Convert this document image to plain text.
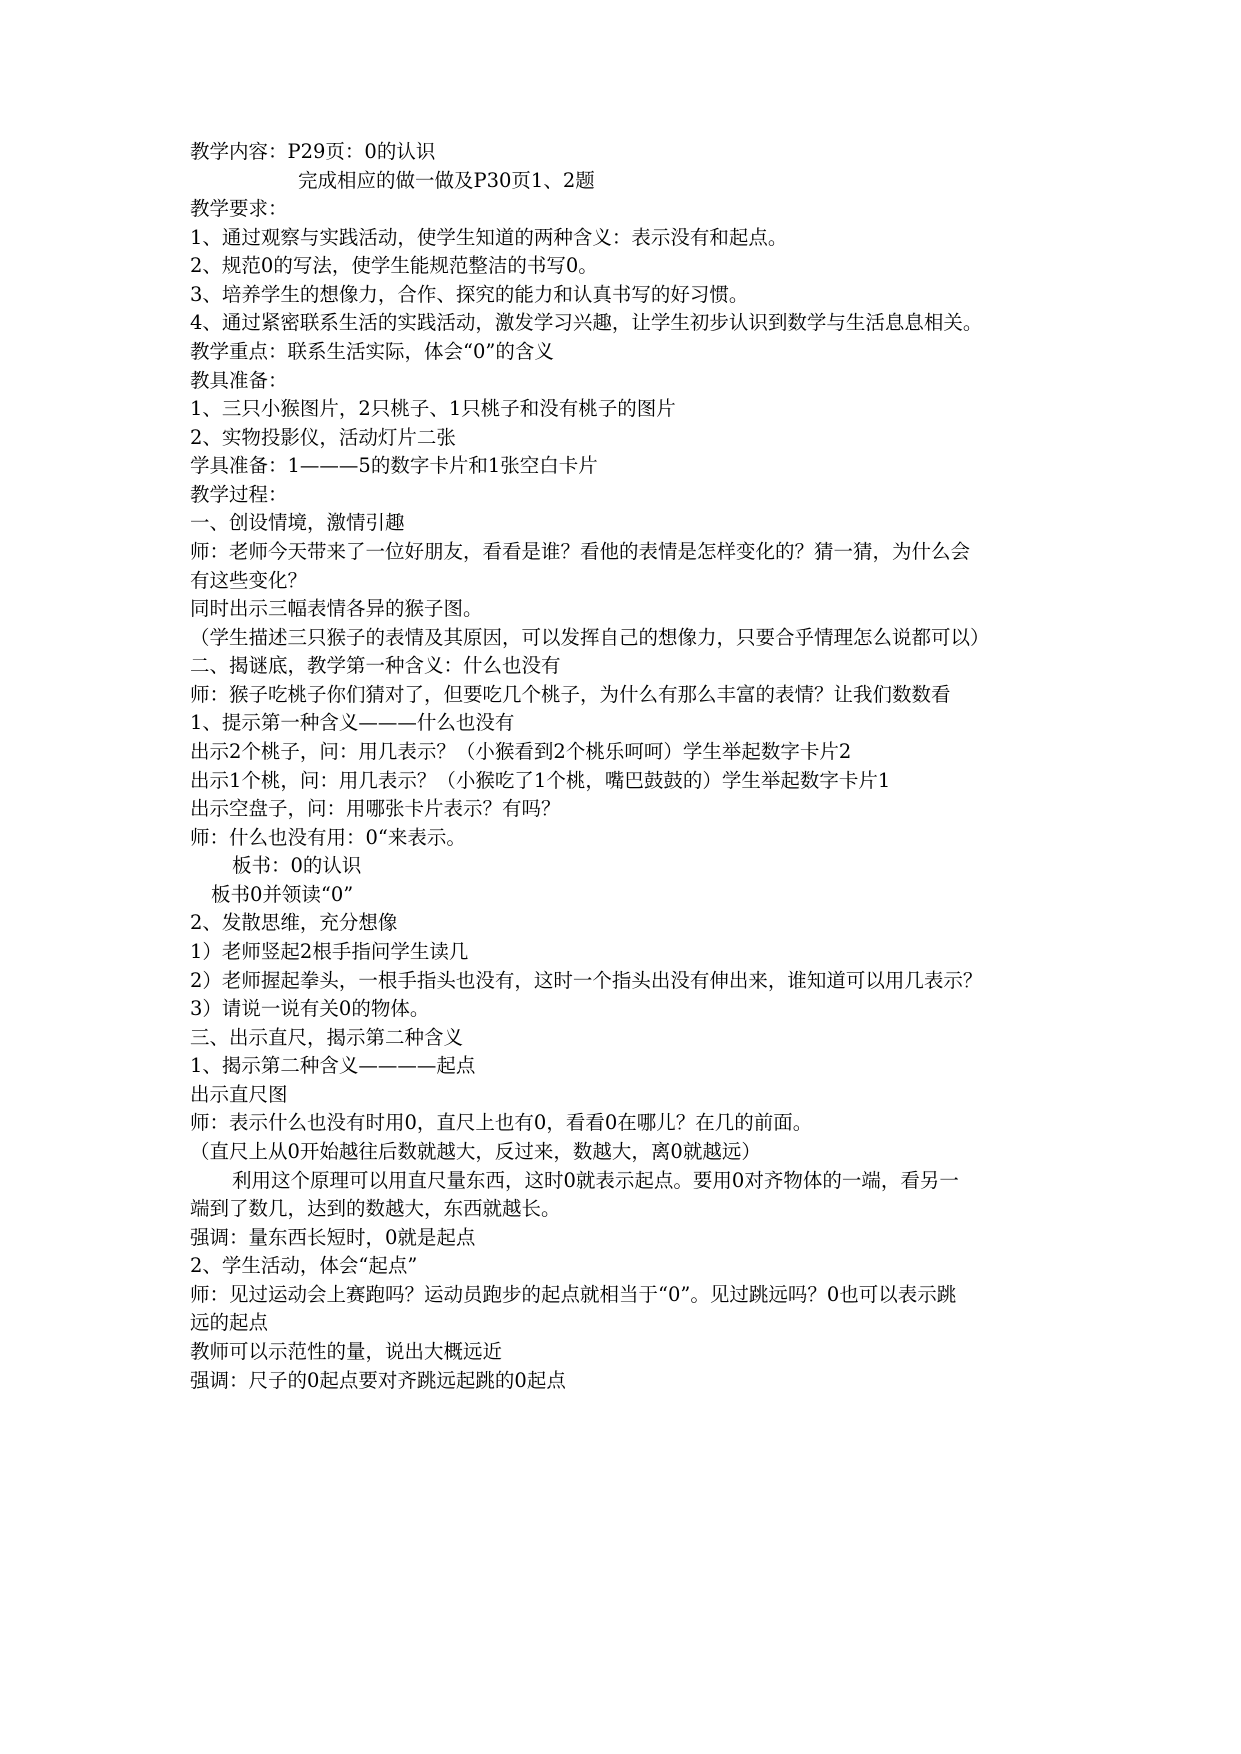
教学内容：P29页：0的认识
完成相应的做一做及P30页1、2题
教学要求：
1、通过观察与实践活动，使学生知道的两种含义：表示没有和起点。
2、规范0的写法，使学生能规范整洁的书写0。
3、培养学生的想像力，合作、探究的能力和认真书写的好习惯。
4、通过紧密联系生活的实践活动，激发学习兴趣，让学生初步认识到数学与生活息息相关。
教学重点：联系生活实际，体会“0”的含义
教具准备：
1、三只小猴图片，2只桃子、1只桃子和没有桃子的图片
2、实物投影仪，活动灯片二张
学具准备：1———5的数字卡片和1张空白卡片
教学过程：
一、创设情境，激情引趣
师：老师今天带来了一位好朋友，看看是谁？看他的表情是怎样变化的？猜一猜，为什么会
有这些变化？
同时出示三幅表情各异的猴子图。
（学生描述三只猴子的表情及其原因，可以发挥自己的想像力，只要合乎情理怎么说都可以）
二、揭谜底，教学第一种含义：什么也没有
师：猴子吃桃子你们猜对了，但要吃几个桃子，为什么有那么丰富的表情？让我们数数看
1、提示第一种含义———什么也没有
出示2个桃子，问：用几表示？（小猴看到2个桃乐呵呵）学生举起数字卡片2
出示1个桃，问：用几表示？（小猴吃了1个桃，嘴巴鼓鼓的）学生举起数字卡片1
出示空盘子，问：用哪张卡片表示？有吗？
师：什么也没有用：0“来表示。
板书：0的认识
板书0并领读“0”
2、发散思维，充分想像
1）老师竖起2根手指问学生读几
2）老师握起拳头，一根手指头也没有，这时一个指头出没有伸出来，谁知道可以用几表示？
3）请说一说有关0的物体。
三、出示直尺，揭示第二种含义
1、揭示第二种含义————起点
出示直尺图
师：表示什么也没有时用0，直尺上也有0，看看0在哪儿？在几的前面。
（直尺上从0开始越往后数就越大，反过来，数越大，离0就越远）
利用这个原理可以用直尺量东西，这时0就表示起点。要用0对齐物体的一端，看另一
端到了数几，达到的数越大，东西就越长。
强调：量东西长短时，0就是起点
2、学生活动，体会“起点”
师：见过运动会上赛跑吗？运动员跑步的起点就相当于“0”。见过跳远吗？0也可以表示跳
远的起点
教师可以示范性的量，说出大概远近
强调：尺子的0起点要对齐跳远起跳的0起点
